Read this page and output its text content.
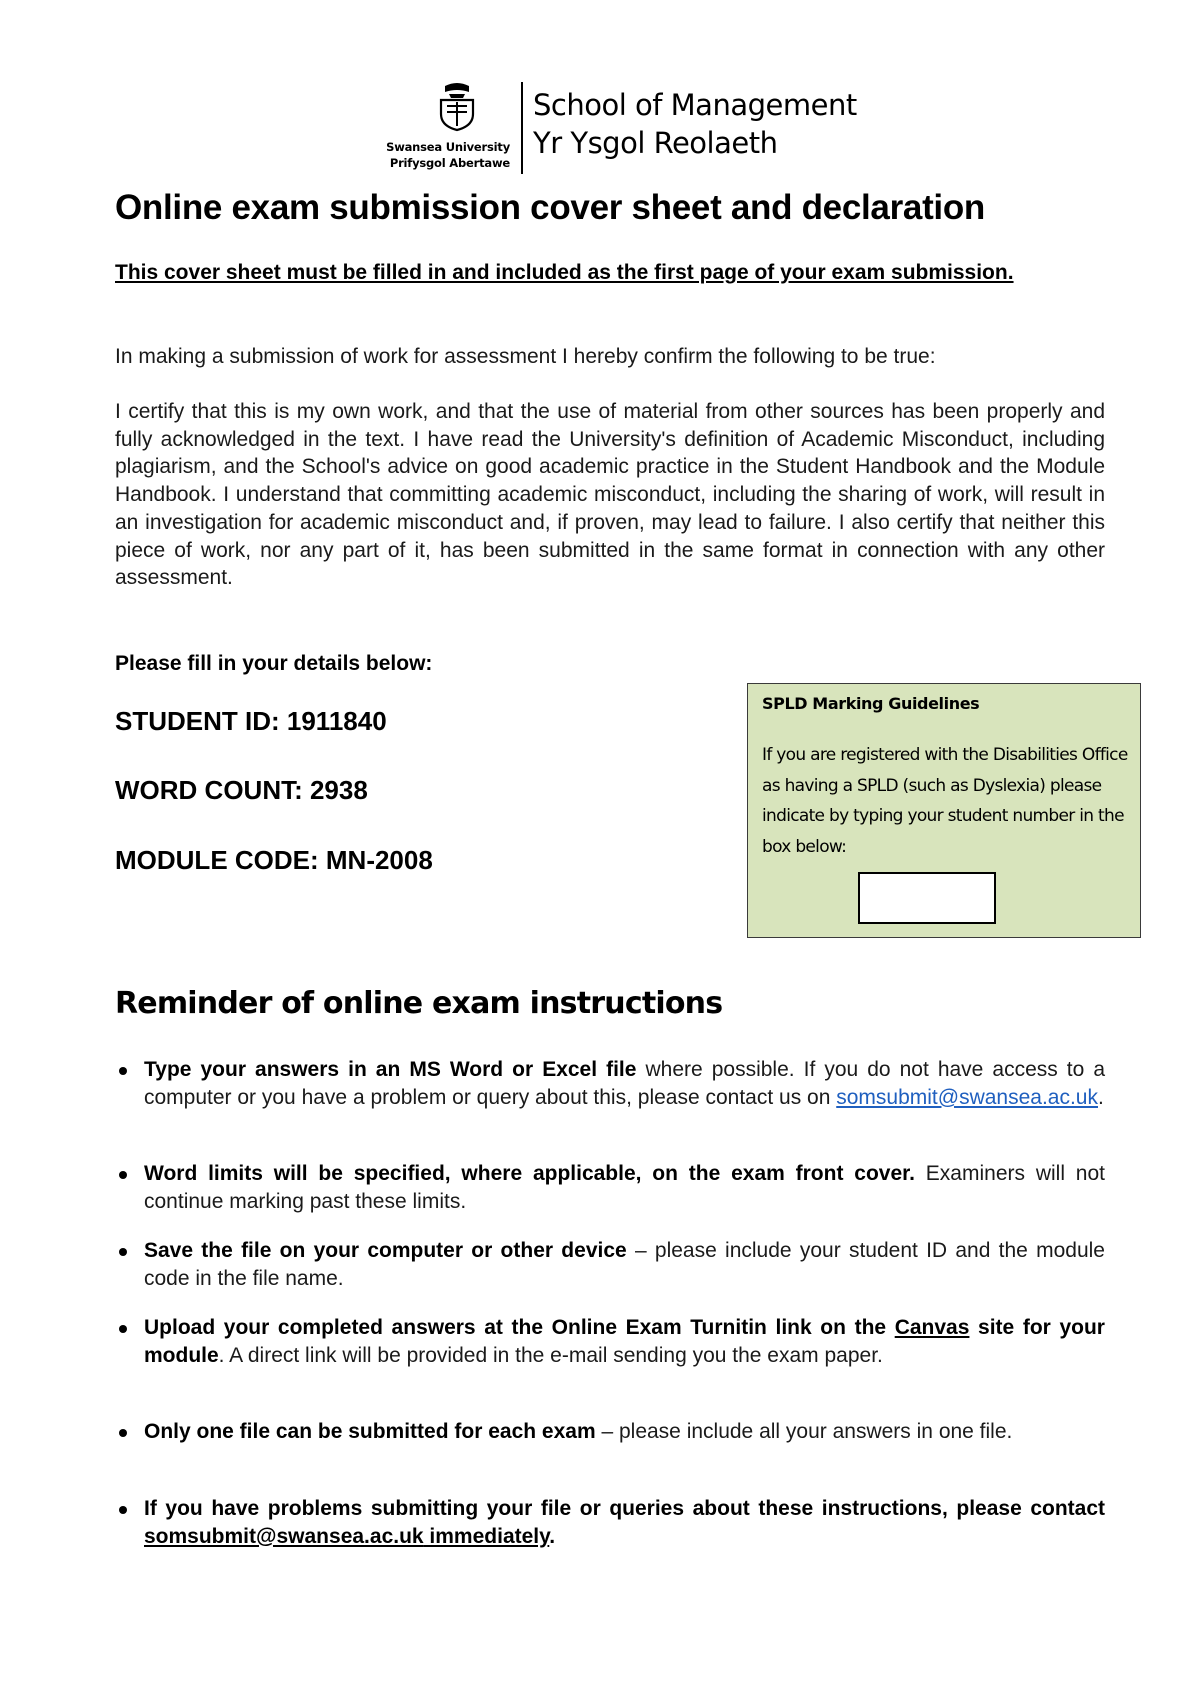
Swansea University
Prifysgol Abertawe
School of Management
Yr Ysgol Reolaeth
Online exam submission cover sheet and declaration
This cover sheet must be filled in and included as the first page of your exam submission.
In making a submission of work for assessment I hereby confirm the following to be true:
I certify that this is my own work, and that the use of material from other sources has been properly and fully acknowledged in the text. I have read the University's definition of Academic Misconduct, including plagiarism, and the School's advice on good academic practice in the Student Handbook and the Module Handbook. I understand that committing academic misconduct, including the sharing of work, will result in an investigation for academic misconduct and, if proven, may lead to failure. I also certify that neither this piece of work, nor any part of it, has been submitted in the same format in connection with any other assessment.
Please fill in your details below:
STUDENT ID: 1911840
WORD COUNT: 2938
MODULE CODE: MN-2008
SPLD Marking Guidelines
If you are registered with the Disabilities Office as having a SPLD (such as Dyslexia) please indicate by typing your student number in the box below:
Reminder of online exam instructions
Type your answers in an MS Word or Excel file where possible. If you do not have access to a computer or you have a problem or query about this, please contact us on somsubmit@swansea.ac.uk.
Word limits will be specified, where applicable, on the exam front cover. Examiners will not continue marking past these limits.
Save the file on your computer or other device – please include your student ID and the module code in the file name.
Upload your completed answers at the Online Exam Turnitin link on the Canvas site for your module. A direct link will be provided in the e-mail sending you the exam paper.
Only one file can be submitted for each exam – please include all your answers in one file.
If you have problems submitting your file or queries about these instructions, please contact somsubmit@swansea.ac.uk immediately.
